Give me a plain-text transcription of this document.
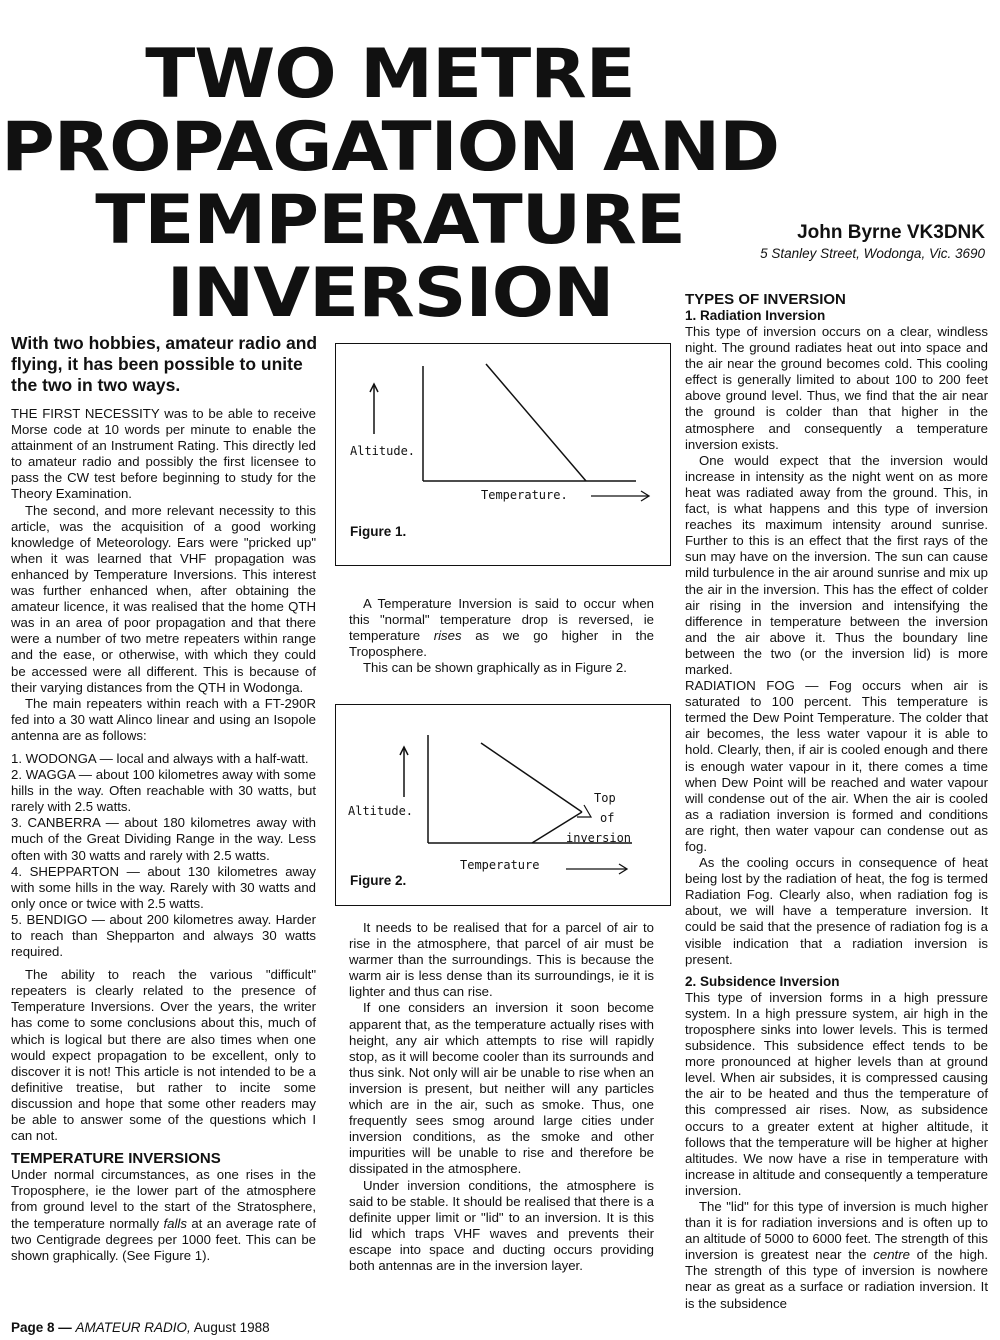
TWO METRE
PROPAGATION AND
TEMPERATURE
INVERSION
John Byrne VK3DNK
5 Stanley Street, Wodonga, Vic. 3690
With two hobbies, amateur radio and flying, it has been possible to unite the two in two ways.

THE FIRST NECESSITY was to be able to receive Morse code at 10 words per minute to enable the attainment of an Instrument Rating. This directly led to amateur radio and possibly the first licensee to pass the CW test before beginning to study for the Theory Examination.

The second, and more relevant necessity to this article, was the acquisition of a good working knowledge of Meteorology. Ears were "pricked up" when it was learned that VHF propagation was enhanced by Temperature Inversions. This interest was further enhanced when, after obtaining the amateur licence, it was realised that the home QTH was in an area of poor propagation and that there were a number of two metre repeaters within range and the ease, or otherwise, with which they could be accessed were all different. This is because of their varying distances from the QTH in Wodonga.

The main repeaters within reach with a FT-290R fed into a 30 watt Alinco linear and using an Isopole antenna are as follows:

1. WODONGA — local and always with a half-watt.

2. WAGGA — about 100 kilometres away with some hills in the way. Often reachable with 30 watts, but rarely with 2.5 watts.

3. CANBERRA — about 180 kilometres away with much of the Great Dividing Range in the way. Less often with 30 watts and rarely with 2.5 watts.

4. SHEPPARTON — about 130 kilometres away with some hills in the way. Rarely with 30 watts and only once or twice with 2.5 watts.

5. BENDIGO — about 200 kilometres away. Harder to reach than Shepparton and always 30 watts required.

The ability to reach the various "difficult" repeaters is clearly related to the presence of Temperature Inversions. Over the years, the writer has come to some conclusions about this, much of which is logical but there are also times when one would expect propagation to be excellent, only to discover it is not! This article is not intended to be a definitive treatise, but rather to incite some discussion and hope that some other readers may be able to answer some of the questions which I can not.

TEMPERATURE INVERSIONS

Under normal circumstances, as one rises in the Troposphere, ie the lower part of the atmosphere from ground level to the start of the Stratosphere, the temperature normally falls at an average rate of two Centigrade degrees per 1000 feet. This can be shown graphically. (See Figure 1).

Altitude.
Temperature.
Figure 1.

A Temperature Inversion is said to occur when this "normal" temperature drop is reversed, ie temperature rises as we go higher in the Troposphere.

This can be shown graphically as in Figure 2.

Altitude.
Temperature
Top
of
inversion
Figure 2.

It needs to be realised that for a parcel of air to rise in the atmosphere, that parcel of air must be warmer than the surroundings. This is because the warm air is less dense than its surroundings, ie it is lighter and thus can rise.

If one considers an inversion it soon become apparent that, as the temperature actually rises with height, any air which attempts to rise will rapidly stop, as it will become cooler than its surrounds and thus sink. Not only will air be unable to rise when an inversion is present, but neither will any particles which are in the air, such as smoke. Thus, one frequently sees smog around large cities under inversion conditions, as the smoke and other impurities will be unable to rise and therefore be dissipated in the atmosphere.

Under inversion conditions, the atmosphere is said to be stable. It should be realised that there is a definite upper limit or "lid" to an inversion. It is this lid which traps VHF waves and prevents their escape into space and ducting occurs providing both antennas are in the inversion layer.

TYPES OF INVERSION
1. Radiation Inversion

This type of inversion occurs on a clear, windless night. The ground radiates heat out into space and the air near the ground becomes cold. This cooling effect is generally limited to about 100 to 200 feet above ground level. Thus, we find that the air near the ground is colder than that higher in the atmosphere and consequently a temperature inversion exists.

One would expect that the inversion would increase in intensity as the night went on as more heat was radiated away from the ground. This, in fact, is what happens and this type of inversion reaches its maximum intensity around sunrise. Further to this is an effect that the first rays of the sun may have on the inversion. The sun can cause mild turbulence in the air around sunrise and mix up the air in the inversion. This has the effect of colder air rising in the inversion and intensifying the difference in temperature between the inversion and the air above it. Thus the boundary line between the two (or the inversion lid) is more marked.

RADIATION FOG — Fog occurs when air is saturated to 100 percent. This temperature is termed the Dew Point Temperature. The colder that air becomes, the less water vapour it is able to hold. Clearly, then, if air is cooled enough and there is enough water vapour in it, there comes a time when Dew Point will be reached and water vapour will condense out of the air. When the air is cooled as a radiation inversion is formed and conditions are right, then water vapour can condense out as fog.

As the cooling occurs in consequence of heat being lost by the radiation of heat, the fog is termed Radiation Fog. Clearly also, when radiation fog is about, we will have a temperature inversion. It could be said that the presence of radiation fog is a visible indication that a radiation inversion is present.

2. Subsidence Inversion

This type of inversion forms in a high pressure system. In a high pressure system, air high in the troposphere sinks into lower levels. This is termed subsidence. This subsidence effect tends to be more pronounced at higher levels than at ground level. When air subsides, it is compressed causing the air to be heated and thus the temperature of this compressed air rises. Now, as subsidence occurs to a greater extent at higher altitude, it follows that the temperature will be higher at higher altitudes. We now have a rise in temperature with increase in altitude and consequently a temperature inversion.

The "lid" for this type of inversion is much higher than it is for radiation inversions and is often up to an altitude of 5000 to 6000 feet. The strength of this inversion is greatest near the centre of the high. The strength of this type of inversion is nowhere near as great as a surface or radiation inversion. It is the subsidence

Page 8 — AMATEUR RADIO, August 1988
